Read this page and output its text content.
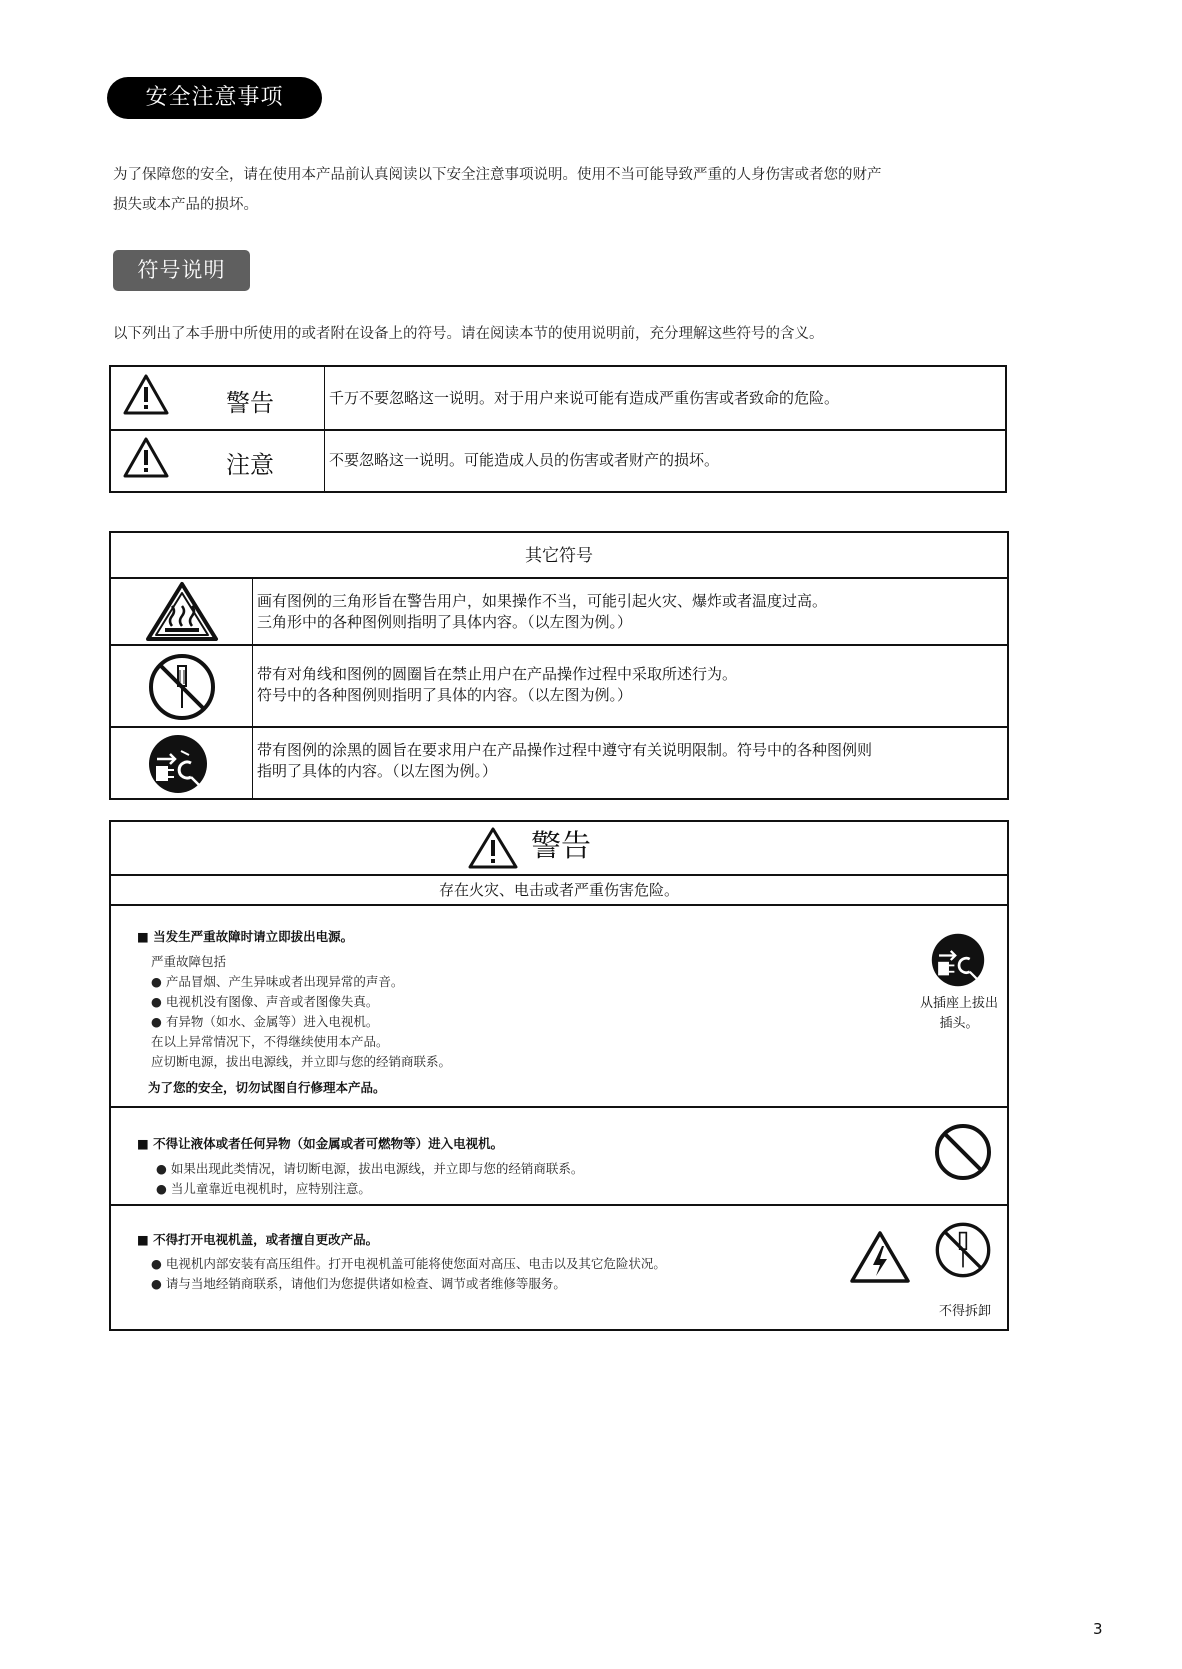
安全注意事项
为了保障您的安全，请在使用本产品前认真阅读以下安全注意事项说明。使用不当可能导致严重的人身伤害或者您的财产
损失或本产品的损坏。
符号说明
以下列出了本手册中所使用的或者附在设备上的符号。请在阅读本节的使用说明前，充分理解这些符号的含义。
警告	千万不要忽略这一说明。对于用户来说可能有造成严重伤害或者致命的危险。
注意	不要忽略这一说明。可能造成人员的伤害或者财产的损坏。
其它符号
画有图例的三角形旨在警告用户，如果操作不当，可能引起火灾、爆炸或者温度过高。
三角形中的各种图例则指明了具体内容。（以左图为例。）
带有对角线和图例的圆圈旨在禁止用户在产品操作过程中采取所述行为。
符号中的各种图例则指明了具体的内容。（以左图为例。）
带有图例的涂黑的圆旨在要求用户在产品操作过程中遵守有关说明限制。符号中的各种图例则
指明了具体的内容。（以左图为例。）
警告
存在火灾、电击或者严重伤害危险。
■ 当发生严重故障时请立即拔出电源。
严重故障包括
● 产品冒烟、产生异味或者出现异常的声音。
● 电视机没有图像、声音或者图像失真。
● 有异物（如水、金属等）进入电视机。
在以上异常情况下，不得继续使用本产品。
应切断电源，拔出电源线，并立即与您的经销商联系。
为了您的安全，切勿试图自行修理本产品。
从插座上拔出
插头。
■ 不得让液体或者任何异物（如金属或者可燃物等）进入电视机。
● 如果出现此类情况，请切断电源，拔出电源线，并立即与您的经销商联系。
● 当儿童靠近电视机时，应特别注意。
■ 不得打开电视机盖，或者擅自更改产品。
● 电视机内部安装有高压组件。打开电视机盖可能将使您面对高压、电击以及其它危险状况。
● 请与当地经销商联系，请他们为您提供诸如检查、调节或者维修等服务。
不得拆卸
3
